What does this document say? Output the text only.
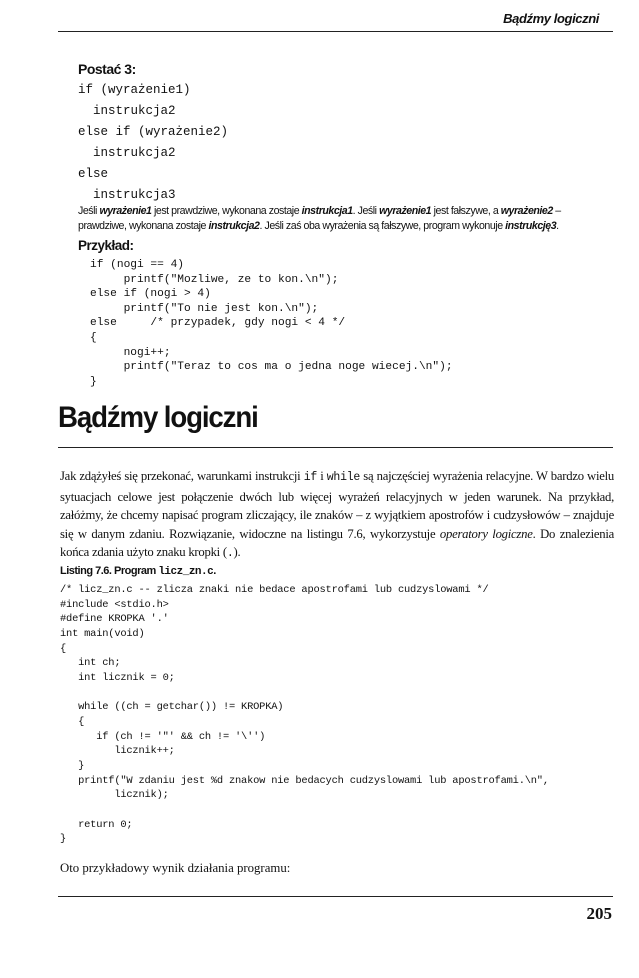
Bądźmy logiczni
Postać 3:
if (wyrażenie1)
instrukcja2
else if (wyrażenie2)
instrukcja2
else
instrukcja3

Jeśli wyrażenie1 jest prawdziwe, wykonana zostaje instrukcja1. Jeśli wyrażenie1 jest fałszywe, a wyrażenie2 – prawdziwe, wykonana zostaje instrukcja2. Jeśli zaś oba wyrażenia są fałszywe, program wykonuje instrukcję3.

Przykład:
if (nogi == 4)
printf("Mozliwe, ze to kon.\n");
else if (nogi > 4)
printf("To nie jest kon.\n");
else     /* przypadek, gdy nogi < 4 */
{
nogi++;
printf("Teraz to cos ma o jedna noge wiecej.\n");
}
Bądźmy logiczni

Jak zdążyłeś się przekonać, warunkami instrukcji if i while są najczęściej wyrażenia relacyjne. W bardzo wielu sytuacjach celowe jest połączenie dwóch lub więcej wyrażeń relacyjnych w jeden warunek. Na przykład, załóżmy, że chcemy napisać program zliczający, ile znaków – z wyjątkiem apostrofów i cudzysłowów – znajduje się w danym zdaniu. Rozwiązanie, widoczne na listingu 7.6, wykorzystuje operatory logiczne. Do znalezienia końca zdania użyto znaku kropki (.).

Listing 7.6. Program licz_zn.c.
/* licz_zn.c -- zlicza znaki nie bedace apostrofami lub cudzyslowami */
#include <stdio.h>
#define KROPKA '.'
int main(void)
{
int ch;
int licznik = 0;

while ((ch = getchar()) != KROPKA)
{
if (ch != '"' && ch != '\'')
licznik++;
}
printf("W zdaniu jest %d znakow nie bedacych cudzyslowami lub apostrofami.\n",
licznik);

return 0;
}

Oto przykładowy wynik działania programu:

205
